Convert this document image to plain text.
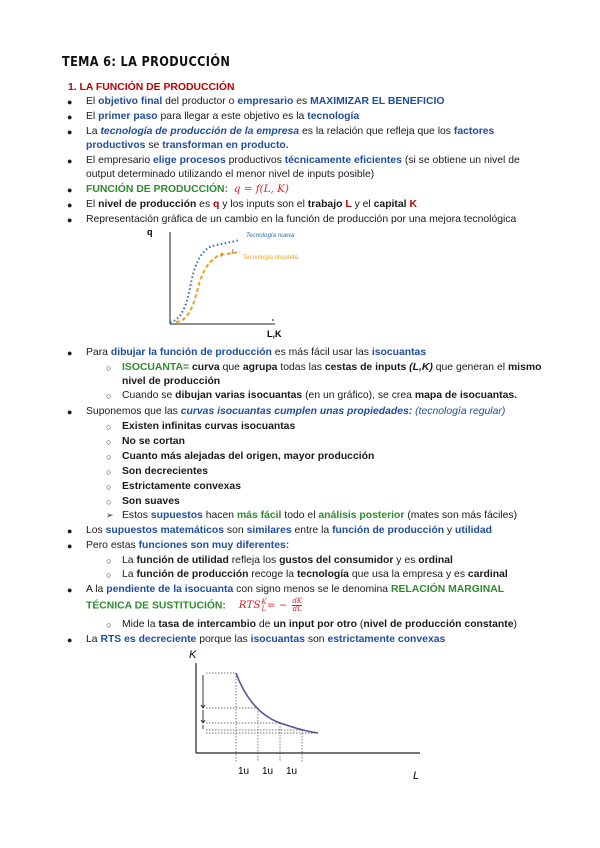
TEMA 6: LA PRODUCCIÓN
1. LA FUNCIÓN DE PRODUCCIÓN
● El objetivo final del productor o empresario es MAXIMIZAR EL BENEFICIO
● El primer paso para llegar a este objetivo es la tecnología
● La tecnología de producción de la empresa es la relación que refleja que los factores
productivos se transforman en producto.
● El empresario elige procesos productivos técnicamente eficientes (si se obtiene un nivel de
output determinado utilizando el menor nivel de inputs posible)
● FUNCIÓN DE PRODUCCIÓN: q = f(L, K)
● El nivel de producción es q y los inputs son el trabajo L y el capital K
● Representación gráfica de un cambio en la función de producción por una mejora tecnológica
q	Tecnología nueva
Tecnología obsoleta
L,K
● Para dibujar la función de producción es más fácil usar las isocuantas
○ ISOCUANTA= curva que agrupa todas las cestas de inputs (L,K) que generan el mismo
nivel de producción
○ Cuando se dibujan varias isocuantas (en un gráfico), se crea mapa de isocuantas.
● Suponemos que las curvas isocuantas cumplen unas propiedades: (tecnología regular)
○ Existen infinitas curvas isocuantas
○ No se cortan
○ Cuanto más alejadas del origen, mayor producción
○ Son decrecientes
○ Estrictamente convexas
○ Son suaves
➢ Estos supuestos hacen más fácil todo el análisis posterior (mates son más fáciles)
● Los supuestos matemáticos son similares entre la función de producción y utilidad
● Pero estas funciones son muy diferentes:
○ La función de utilidad refleja los gustos del consumidor y es ordinal
○ La función de producción recoge la tecnología que usa la empresa y es cardinal
● A la pendiente de la isocuanta con signo menos se le denomina RELACIÓN MARGINAL
TÉCNICA DE SUSTITUCIÓN: RTS K
L = − $\frac{dK}{dL}$
○ Mide la tasa de intercambio de un input por otro (nivel de producción constante)
● La RTS es decreciente porque las isocuantas son estrictamente convexas
K
L
1u 1u 1u
